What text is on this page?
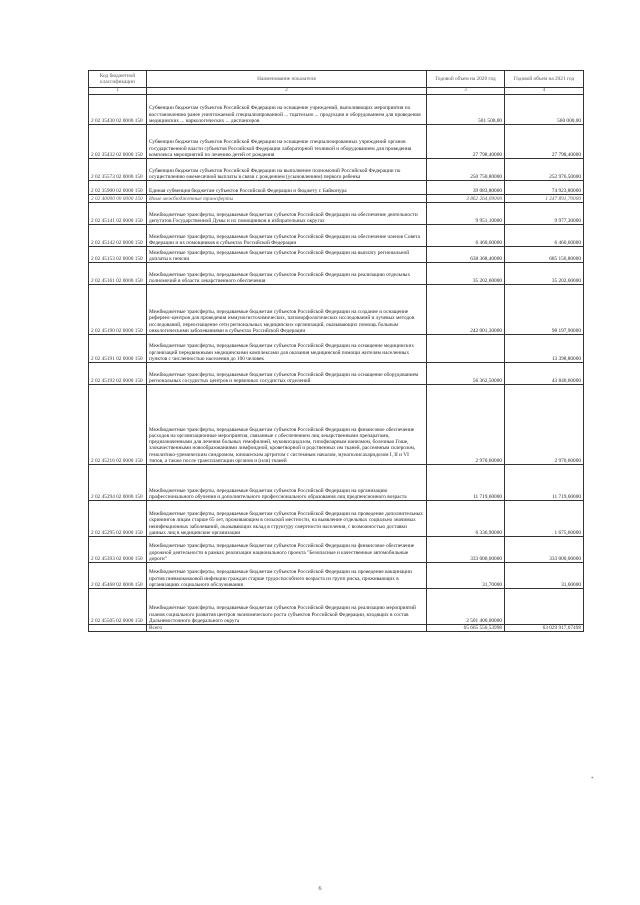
Код бюджетной классификации	Наименование показателя	Годовой объем на 2020 год	Годовой объем на 2021 год
1	2	3	4
2 02 35430 02 0000 150	Субвенции бюджетам субъектов Российской Федерации на оснащение учреждений, выполняющих мероприятия по восстановлению ранее уничтожаемой специализированной ... тщательно ... продукции и оборудованием для проведения медицинских ... наркологических ... диспансеров	501 500,00	560 000,00
2 02 35432 02 0000 150	Субвенции бюджетам субъектов Российской Федерации на оснащение специализированных учреждений органов государственной власти субъектов Российской Федерации лабораторной техникой и оборудованием для проведения комплекса мероприятий по лечению детей от рождения	27 798,40000	27 798,40000
2 02 35573 02 0000 150	Субвенции бюджетам субъектов Российской Федерации на выполнение полномочий Российской Федерации по осуществлению ежемесячной выплаты в связи с рождением (усыновлением) первого ребенка	250 750,80000	252 976,50000
2 02 35900 02 0000 150	Единая субвенция бюджетам субъектов Российской Федерации и бюджету г. Байконура	39 083,80000	74 923,80000
2 02 40000 00 0000 150	Иные межбюджетные трансферты	3 862 264,09000	1 247 891,70000
2 02 45141 02 0000 150	Межбюджетные трансферты, передаваемые бюджетам субъектов Российской Федерации на обеспечение деятельности депутатов Государственной Думы и их помощников в избирательных округах	9 951,10000	9 977,30000
2 02 45142 02 0000 150	Межбюджетные трансферты, передаваемые бюджетам субъектов Российской Федерации на обеспечение членов Совета Федерации и их помощников в субъектах Российской Федерации	6 460,60000	6 460,60000
2 02 45153 02 0000 150	Межбюджетные трансферты, передаваемые бюджетам субъектов Российской Федерации на выплату региональной доплаты к пенсии	638 368,40000	685 156,80000
2 02 45161 02 0000 150	Межбюджетные трансферты, передаваемые бюджетам субъектов Российской Федерации на реализацию отдельных полномочий в области лекарственного обеспечения	35 202,60000	35 202,60000
2 02 45190 02 0000 150	Межбюджетные трансферты, передаваемые бюджетам субъектов Российской Федерации на создание и оснащение референс-центров для проведения иммуногистохимических, патоморфологических исследований и лучевых методов исследований, переоснащение сети региональных медицинских организаций, оказывающих помощь больным онкологическими заболеваниями в субъектах Российской Федерации	242 001,30000	98 197,90000
2 02 45191 02 0000 150	Межбюджетные трансферты, передаваемые бюджетам субъектов Российской Федерации на оснащение медицинских организаций передвижными медицинскими комплексами для оказания медицинской помощи жителям населенных пунктов с численностью населения до 100 человек		13 398,80000
2 02 45192 02 0000 150	Межбюджетные трансферты, передаваемые бюджетам субъектов Российской Федерации на оснащение оборудованием региональных сосудистых центров и первичных сосудистых отделений	56 362,50000	43 840,60000
2 02 45216 02 0000 150	Межбюджетные трансферты, передаваемые бюджетам субъектов Российской Федерации на финансовое обеспечение расходов на организационные мероприятия, связанные с обеспечением лиц лекарственными препаратами, предназначенными для лечения больных гемофилией, муковисцидозом, гипофизарным нанизмом, болезнью Гоше, злокачественными новообразованиями лимфоидной, кроветворной и родственных им тканей, рассеянным склерозом, гемолитико-уремическим синдромом, юношеским артритом с системным началом, мукополисахаридозом I, II и VI типов, а также после трансплантации органов и (или) тканей	2 970,60000	2 970,60000
2 02 45294 02 0000 150	Межбюджетные трансферты, передаваемые бюджетам субъектов Российской Федерации на организацию профессионального обучения и дополнительного профессионального образования лиц предпенсионного возраста	11 719,60000	11 719,60000
2 02 45295 02 0000 150	Межбюджетные трансферты, передаваемые бюджетам субъектов Российской Федерации на проведение дополнительных скринингов лицам старше 65 лет, проживающим в сельской местности, на выявление отдельных социально значимых неинфекционных заболеваний, оказывающих вклад в структуру смертности населения, с возможностью доставки данных лиц в медицинские организации	6 336,90000	1 675,60000
2 02 45393 02 0000 150	Межбюджетные трансферты, передаваемые бюджетам субъектов Российской Федерации на финансовое обеспечение дорожной деятельности в рамках реализации национального проекта "Безопасные и качественные автомобильные дороги"	333 000,00000	333 000,00000
2 02 45468 02 0000 150	Межбюджетные трансферты, передаваемые бюджетам субъектов Российской Федерации на проведение вакцинации против пневмококковой инфекции граждан старше трудоспособного возраста из групп риска, проживающих в организациях социального обслуживания	31,70000	31,60000
2 02 45505 02 0000 150	Межбюджетные трансферты, передаваемые бюджетам субъектов Российской Федерации на реализацию мероприятий планов социального развития центров экономического роста субъектов Российской Федерации, входящих в состав Дальневосточного федерального округа	2 501 400,00000	
	Всего	65 665 550,53998	63 029 917,67498
*
6
